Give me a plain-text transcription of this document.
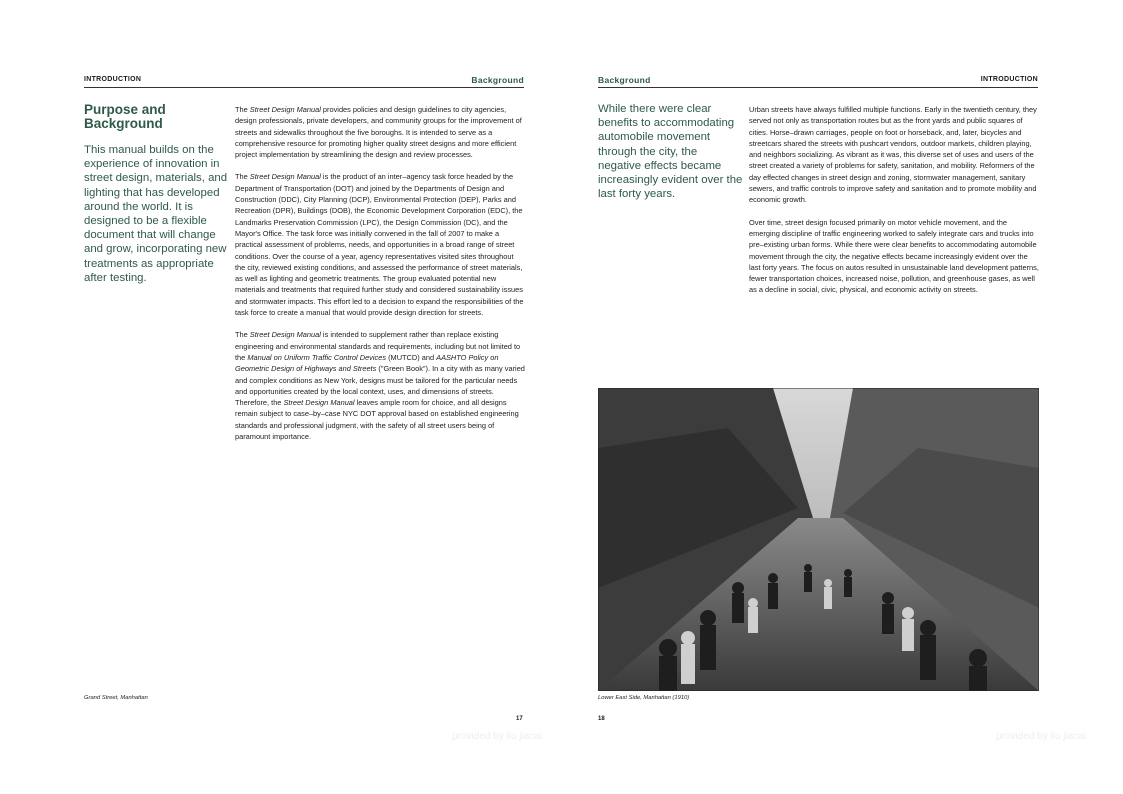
INTRODUCTION	Background
Purpose and
Background
This manual builds on the experience of innovation in street design, materials, and lighting that has developed around the world. It is designed to be a flexible document that will change and grow, incorporating new treatments as appropriate after testing.

The Street Design Manual provides policies and design guidelines to city agencies, design professionals, private developers, and community groups for the improvement of streets and sidewalks throughout the five boroughs. It is intended to serve as a comprehensive resource for promoting higher quality street designs and more efficient project implementation by streamlining the design and review processes.

The Street Design Manual is the product of an inter–agency task force headed by the Department of Transportation (DOT) and joined by the Departments of Design and Construction (DDC), City Planning (DCP), Environmental Protection (DEP), Parks and Recreation (DPR), Buildings (DOB), the Economic Development Corporation (EDC), the Landmarks Preservation Commission (LPC), the Design Commission (DC), and the Mayor's Office. The task force was initially convened in the fall of 2007 to make a practical assessment of problems, needs, and opportunities in a broad range of street conditions. Over the course of a year, agency representatives visited sites throughout the city, reviewed existing conditions, and assessed the performance of street materials, as well as lighting and geometric treatments. The group evaluated potential new materials and treatments that required further study and considered sustainability issues and stormwater impacts. This effort led to a decision to expand the responsibilities of the task force to create a manual that would provide design direction for streets.

The Street Design Manual is intended to supplement rather than replace existing engineering and environmental standards and requirements, including but not limited to the Manual on Uniform Traffic Control Devices (MUTCD) and AASHTO Policy on Geometric Design of Highways and Streets ("Green Book"). In a city with as many varied and complex conditions as New York, designs must be tailored for the particular needs and opportunities created by the local context, uses, and dimensions of streets. Therefore, the Street Design Manual leaves ample room for choice, and all designs remain subject to case–by–case NYC DOT approval based on established engineering standards and professional judgment, with the safety of all street users being of paramount importance.

Grand Street, Manhattan
17
provided by liu jiacai
Background	INTRODUCTION
While there were clear benefits to accommodating automobile movement through the city, the negative effects became increasingly evident over the last forty years.

Urban streets have always fulfilled multiple functions. Early in the twentieth century, they served not only as transportation routes but as the front yards and public squares of cities. Horse–drawn carriages, people on foot or horseback, and, later, bicycles and streetcars shared the streets with pushcart vendors, outdoor markets, children playing, and neighbors socializing. As vibrant as it was, this diverse set of uses and users of the street created a variety of problems for safety, sanitation, and mobility. Reformers of the day effected changes in street design and zoning, stormwater management, sanitary sewers, and traffic controls to improve safety and sanitation and to promote mobility and economic growth.

Over time, street design focused primarily on motor vehicle movement, and the emerging discipline of traffic engineering worked to safely integrate cars and trucks into pre–existing urban forms. While there were clear benefits to accommodating automobile movement through the city, the negative effects became increasingly evident over the last forty years. The focus on autos resulted in unsustainable land development patterns, fewer transportation choices, increased noise, pollution, and greenhouse gases, as well as a decline in social, civic, physical, and economic activity on streets.

Lower East Side, Manhattan (1910)
18
provided by liu jiacai
